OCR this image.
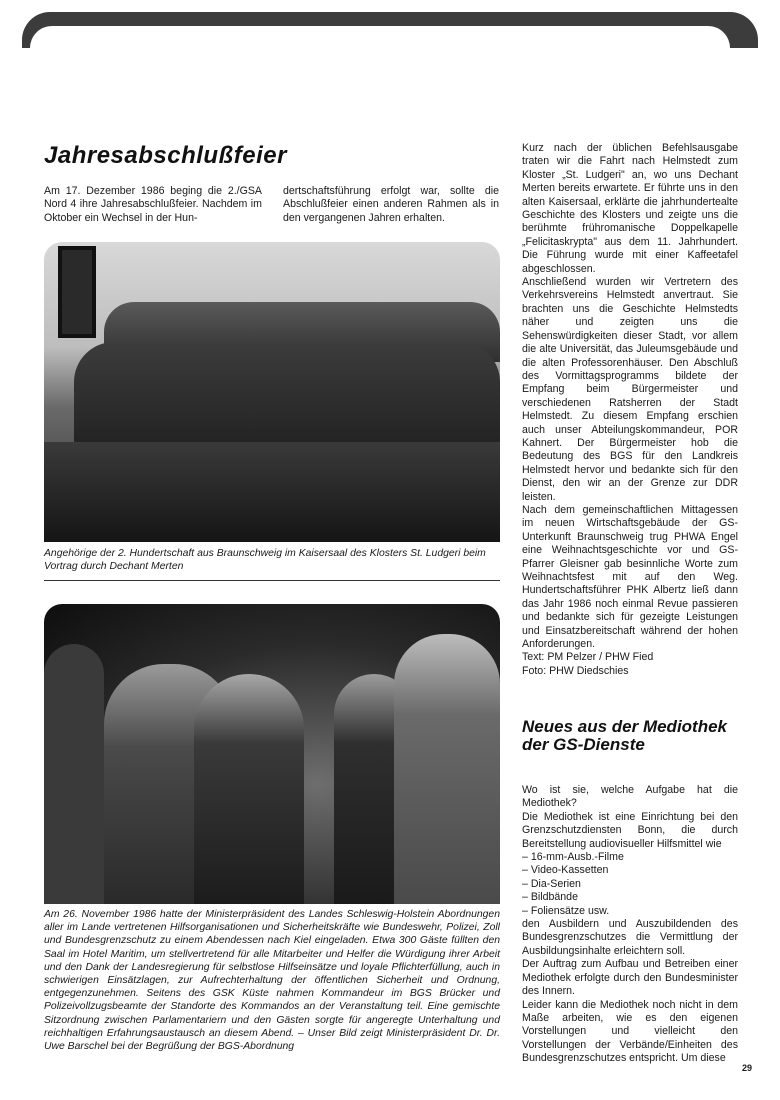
Jahresabschlußfeier

Am 17. Dezember 1986 beging die 2./GSA Nord 4 ihre Jahresabschlußfeier. Nachdem im Oktober ein Wechsel in der Hun-

dertschaftsführung erfolgt war, sollte die Abschlußfeier einen anderen Rahmen als in den vergangenen Jahren erhalten.

Angehörige der 2. Hundertschaft aus Braunschweig im Kaisersaal des Klosters St. Ludgeri beim Vortrag durch Dechant Merten
Am 26. November 1986 hatte der Ministerpräsident des Landes Schleswig-Holstein Abordnungen aller im Lande vertretenen Hilfsorganisationen und Sicherheitskräfte wie Bundeswehr, Polizei, Zoll und Bundesgrenzschutz zu einem Abendessen nach Kiel eingeladen. Etwa 300 Gäste füllten den Saal im Hotel Maritim, um stellvertretend für alle Mitarbeiter und Helfer die Würdigung ihrer Arbeit und den Dank der Landesregierung für selbstlose Hilfseinsätze und loyale Pflichterfüllung, auch in schwierigen Einsätzlagen, zur Aufrechterhaltung der öffentlichen Sicherheit und Ordnung, entgegenzunehmen. Seitens des GSK Küste nahmen Kommandeur im BGS Brücker und Polizeivollzugsbeamte der Standorte des Kommandos an der Veranstaltung teil. Eine gemischte Sitzordnung zwischen Parlamentariern und den Gästen sorgte für angeregte Unterhaltung und reichhaltigen Erfahrungsaustausch an diesem Abend. – Unser Bild zeigt Ministerpräsident Dr. Dr. Uwe Barschel bei der Begrüßung der BGS-Abordnung

Kurz nach der üblichen Befehlsausgabe traten wir die Fahrt nach Helmstedt zum Kloster „St. Ludgeri" an, wo uns Dechant Merten bereits erwartete. Er führte uns in den alten Kaisersaal, erklärte die jahrhundertealte Geschichte des Klosters und zeigte uns die berühmte frühromanische Doppelkapelle „Felicitaskrypta" aus dem 11. Jahrhundert. Die Führung wurde mit einer Kaffeetafel abgeschlossen.

Anschließend wurden wir Vertretern des Verkehrsvereins Helmstedt anvertraut. Sie brachten uns die Geschichte Helmstedts näher und zeigten uns die Sehenswürdigkeiten dieser Stadt, vor allem die alte Universität, das Juleumsgebäude und die alten Professorenhäuser. Den Abschluß des Vormittagsprogramms bildete der Empfang beim Bürgermeister und verschiedenen Ratsherren der Stadt Helmstedt. Zu diesem Empfang erschien auch unser Abteilungskommandeur, POR Kahnert. Der Bürgermeister hob die Bedeutung des BGS für den Landkreis Helmstedt hervor und bedankte sich für den Dienst, den wir an der Grenze zur DDR leisten.

Nach dem gemeinschaftlichen Mittagessen im neuen Wirtschaftsgebäude der GS-Unterkunft Braunschweig trug PHWA Engel eine Weihnachtsgeschichte vor und GS-Pfarrer Gleisner gab besinnliche Worte zum Weihnachtsfest mit auf den Weg. Hundertschaftsführer PHK Albertz ließ dann das Jahr 1986 noch einmal Revue passieren und bedankte sich für gezeigte Leistungen und Einsatzbereitschaft während der hohen Anforderungen.

Text: PM Pelzer / PHW Fied

Foto: PHW Diedschies

Neues aus der Mediothek der GS-Dienste

Wo ist sie, welche Aufgabe hat die Mediothek?

Die Mediothek ist eine Einrichtung bei den Grenzschutzdiensten Bonn, die durch Bereitstellung audiovisueller Hilfsmittel wie

– 16-mm-Ausb.-Filme
– Video-Kassetten
– Dia-Serien
– Bildbände
– Foliensätze usw.

den Ausbildern und Auszubildenden des Bundesgrenzschutzes die Vermittlung der Ausbildungsinhalte erleichtern soll.

Der Auftrag zum Aufbau und Betreiben einer Mediothek erfolgte durch den Bundesminister des Innern.

Leider kann die Mediothek noch nicht in dem Maße arbeiten, wie es den eigenen Vorstellungen und vielleicht den Vorstellungen der Verbände/Einheiten des Bundesgrenzschutzes entspricht. Um diese

29
